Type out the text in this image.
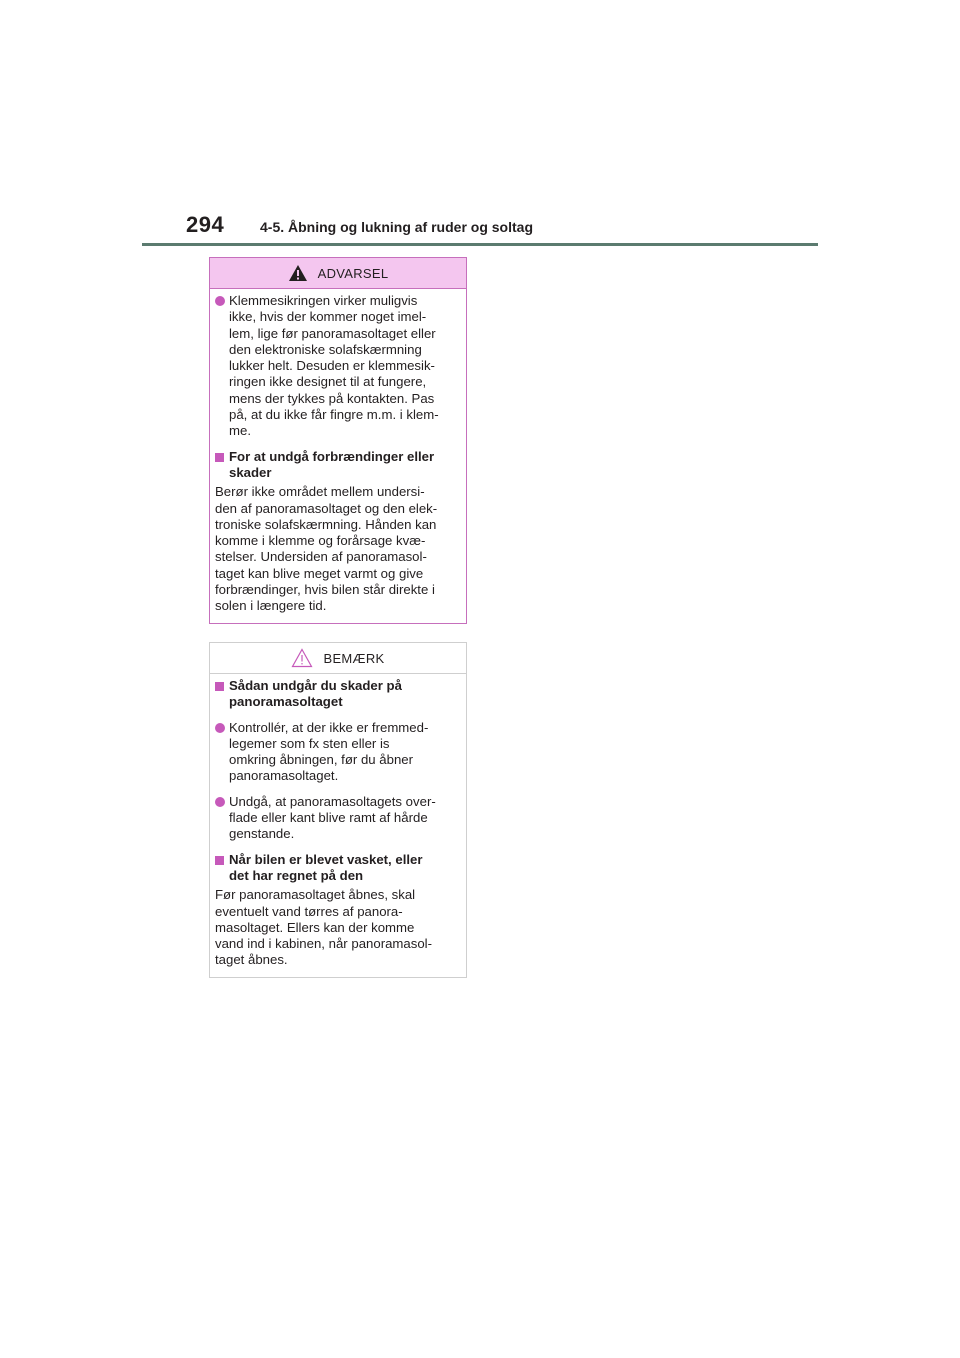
294	4-5. Åbning og lukning af ruder og soltag
ADVARSEL
Klemmesikringen virker muligvis
ikke, hvis der kommer noget imel-
lem, lige før panoramasoltaget eller
den elektroniske solafskærmning
lukker helt. Desuden er klemmesik-
ringen ikke designet til at fungere,
mens der tykkes på kontakten. Pas
på, at du ikke får fingre m.m. i klem-
me.
For at undgå forbrændinger eller
skader
Berør ikke området mellem undersi-
den af panoramasoltaget og den elek-
troniske solafskærmning. Hånden kan
komme i klemme og forårsage kvæ-
stelser. Undersiden af panoramasol-
taget kan blive meget varmt og give
forbrændinger, hvis bilen står direkte i
solen i længere tid.
BEMÆRK
Sådan undgår du skader på
panoramasoltaget
Kontrollér, at der ikke er fremmed-
legemer som fx sten eller is
omkring åbningen, før du åbner
panoramasoltaget.
Undgå, at panoramasoltagets over-
flade eller kant blive ramt af hårde
genstande.
Når bilen er blevet vasket, eller
det har regnet på den
Før panoramasoltaget åbnes, skal
eventuelt vand tørres af panora-
masoltaget. Ellers kan der komme
vand ind i kabinen, når panoramasol-
taget åbnes.
